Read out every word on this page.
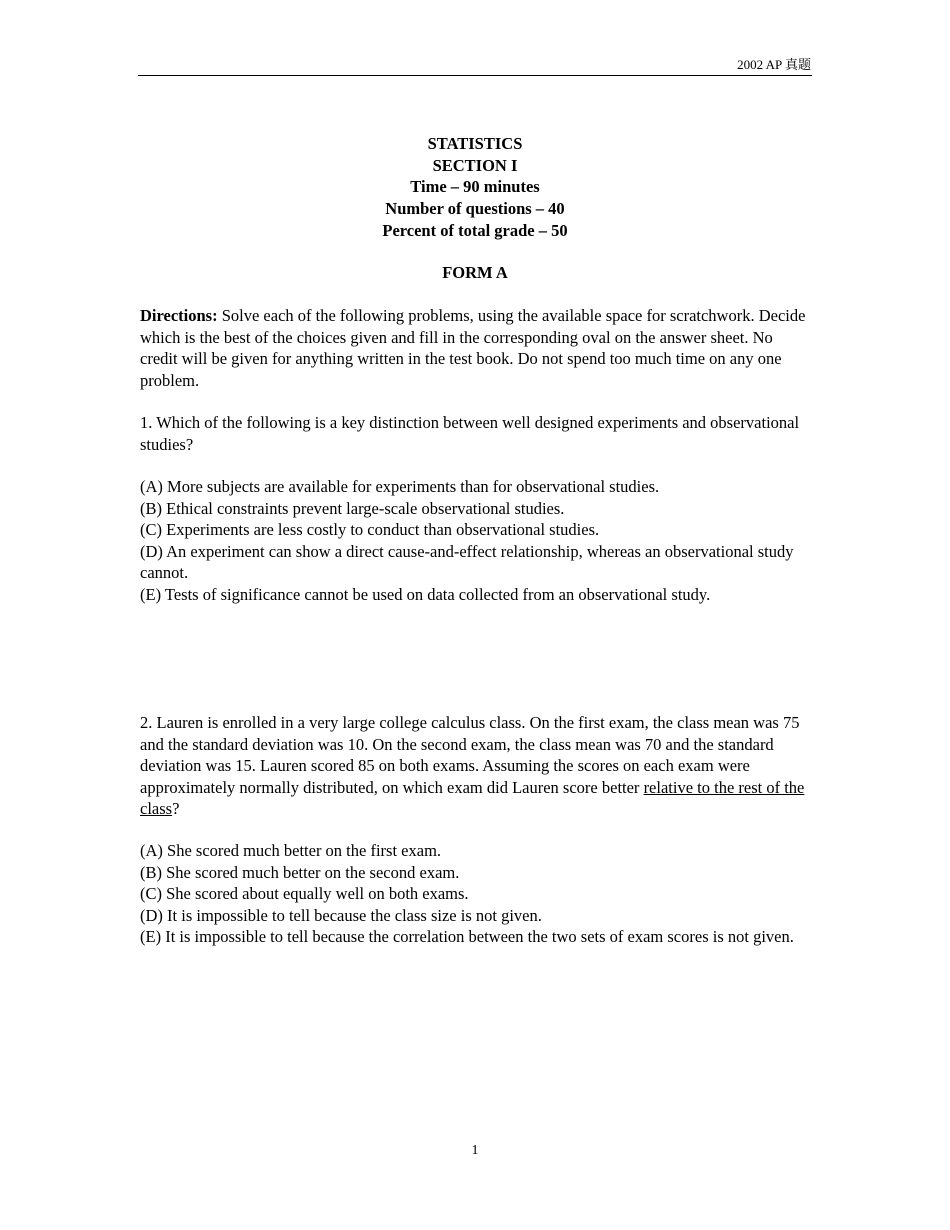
2002 AP 真题
STATISTICS
SECTION I
Time – 90 minutes
Number of questions – 40
Percent of total grade – 50
FORM A

Directions: Solve each of the following problems, using the available space for scratchwork. Decide which is the best of the choices given and fill in the corresponding oval on the answer sheet. No credit will be given for anything written in the test book. Do not spend too much time on any one problem.

1. Which of the following is a key distinction between well designed experiments and observational studies?

(A) More subjects are available for experiments than for observational studies.

(B) Ethical constraints prevent large-scale observational studies.

(C) Experiments are less costly to conduct than observational studies.

(D) An experiment can show a direct cause-and-effect relationship, whereas an observational study cannot.

(E) Tests of significance cannot be used on data collected from an observational study.

2. Lauren is enrolled in a very large college calculus class. On the first exam, the class mean was 75 and the standard deviation was 10. On the second exam, the class mean was 70 and the standard deviation was 15. Lauren scored 85 on both exams. Assuming the scores on each exam were approximately normally distributed, on which exam did Lauren score better relative to the rest of the class?

(A) She scored much better on the first exam.

(B) She scored much better on the second exam.

(C) She scored about equally well on both exams.

(D) It is impossible to tell because the class size is not given.

(E) It is impossible to tell because the correlation between the two sets of exam scores is not given.

1
